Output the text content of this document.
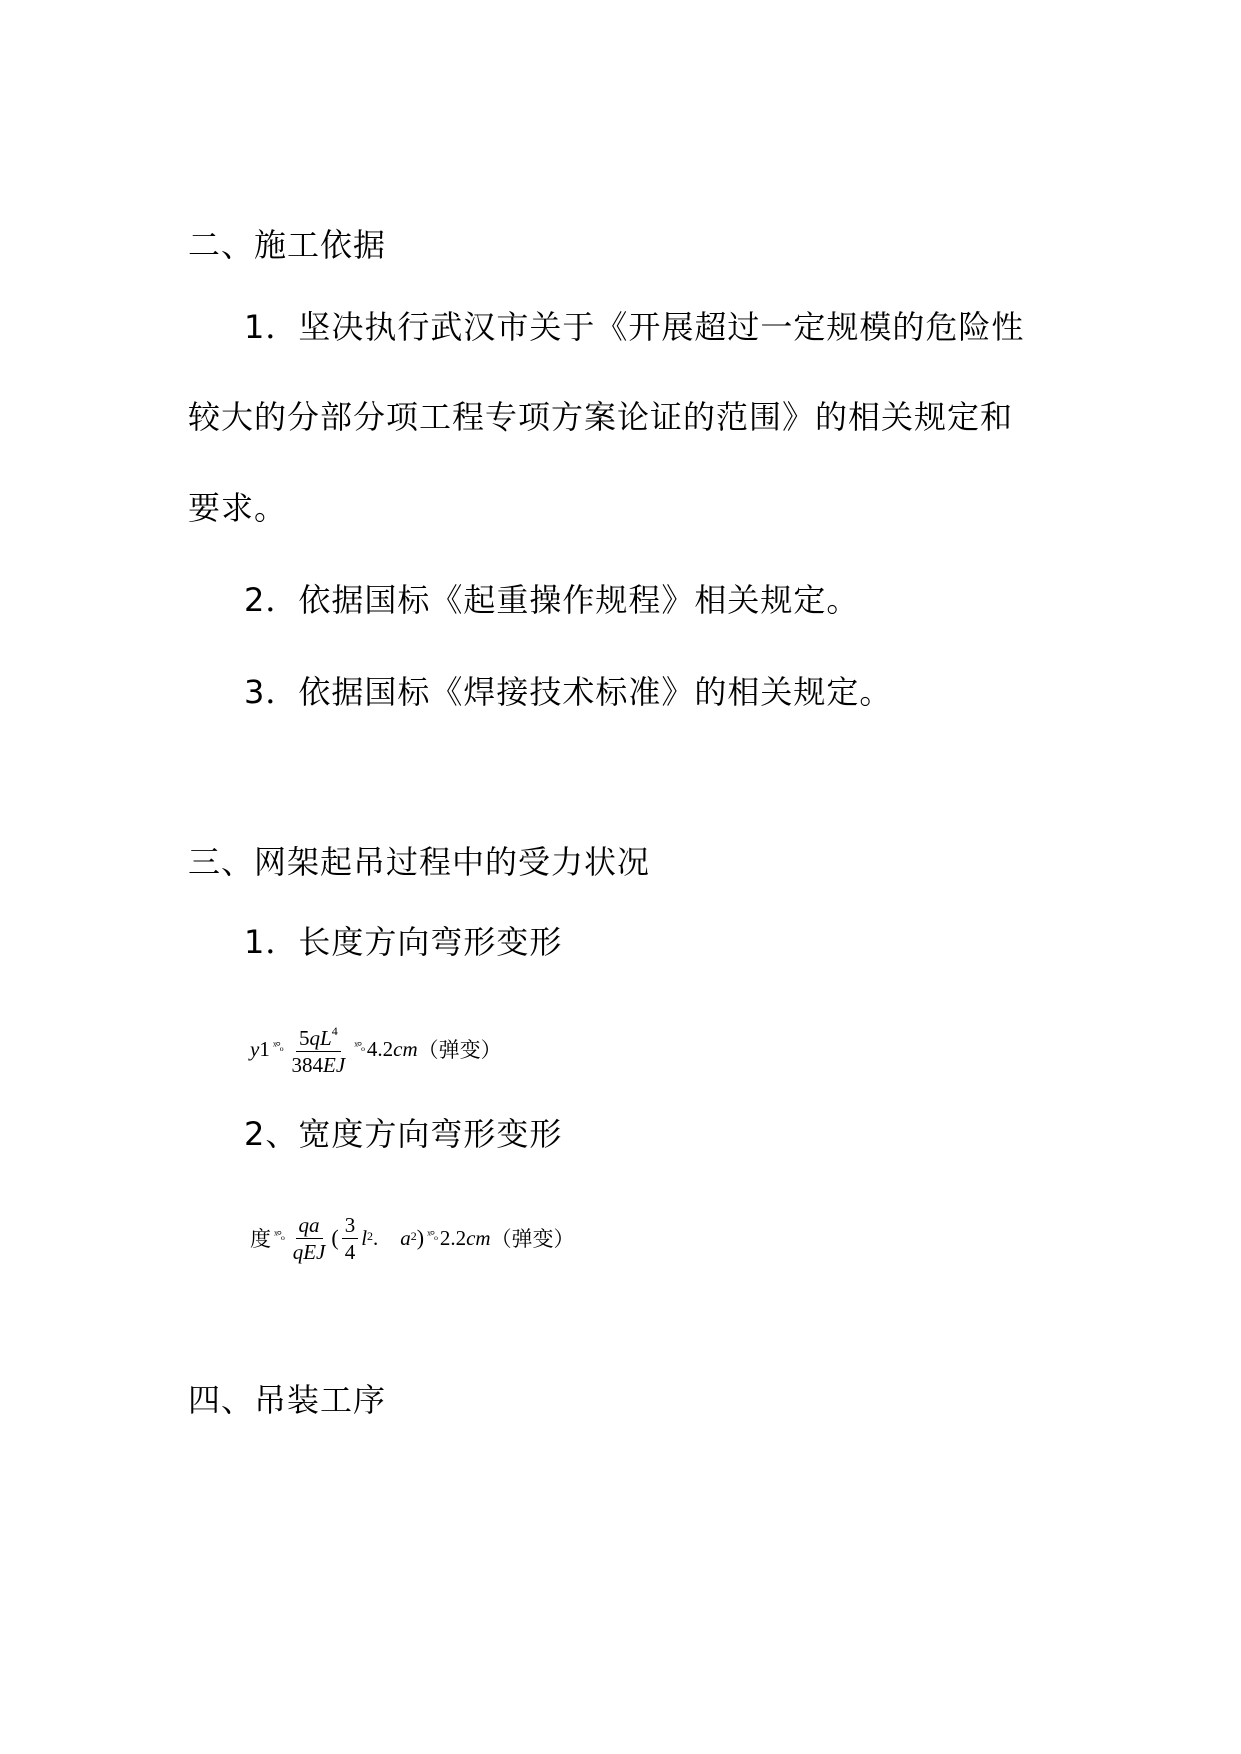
二、施工依据
1．坚决执行武汉市关于《开展超过一定规模的危险性
较大的分部分项工程专项方案论证的范围》的相关规定和
要求。
2．依据国标《起重操作规程》相关规定。
3．依据国标《焊接技术标准》的相关规定。
三、网架起吊过程中的受力状况
1．长度方向弯形变形
y 1 ˣ°ₒ $\frac{5qL^4}{384EJ}$ ˣ°ₒ 4.2 cm （弹变）
2、宽度方向弯形变形
度 ˣ°ₒ $\frac{qa}{\text{qEJ}}$ ( $\frac{3}{4}$ l 2 . a 2 ) ˣ°ₒ 2.2 cm （弹变）
四、吊装工序
